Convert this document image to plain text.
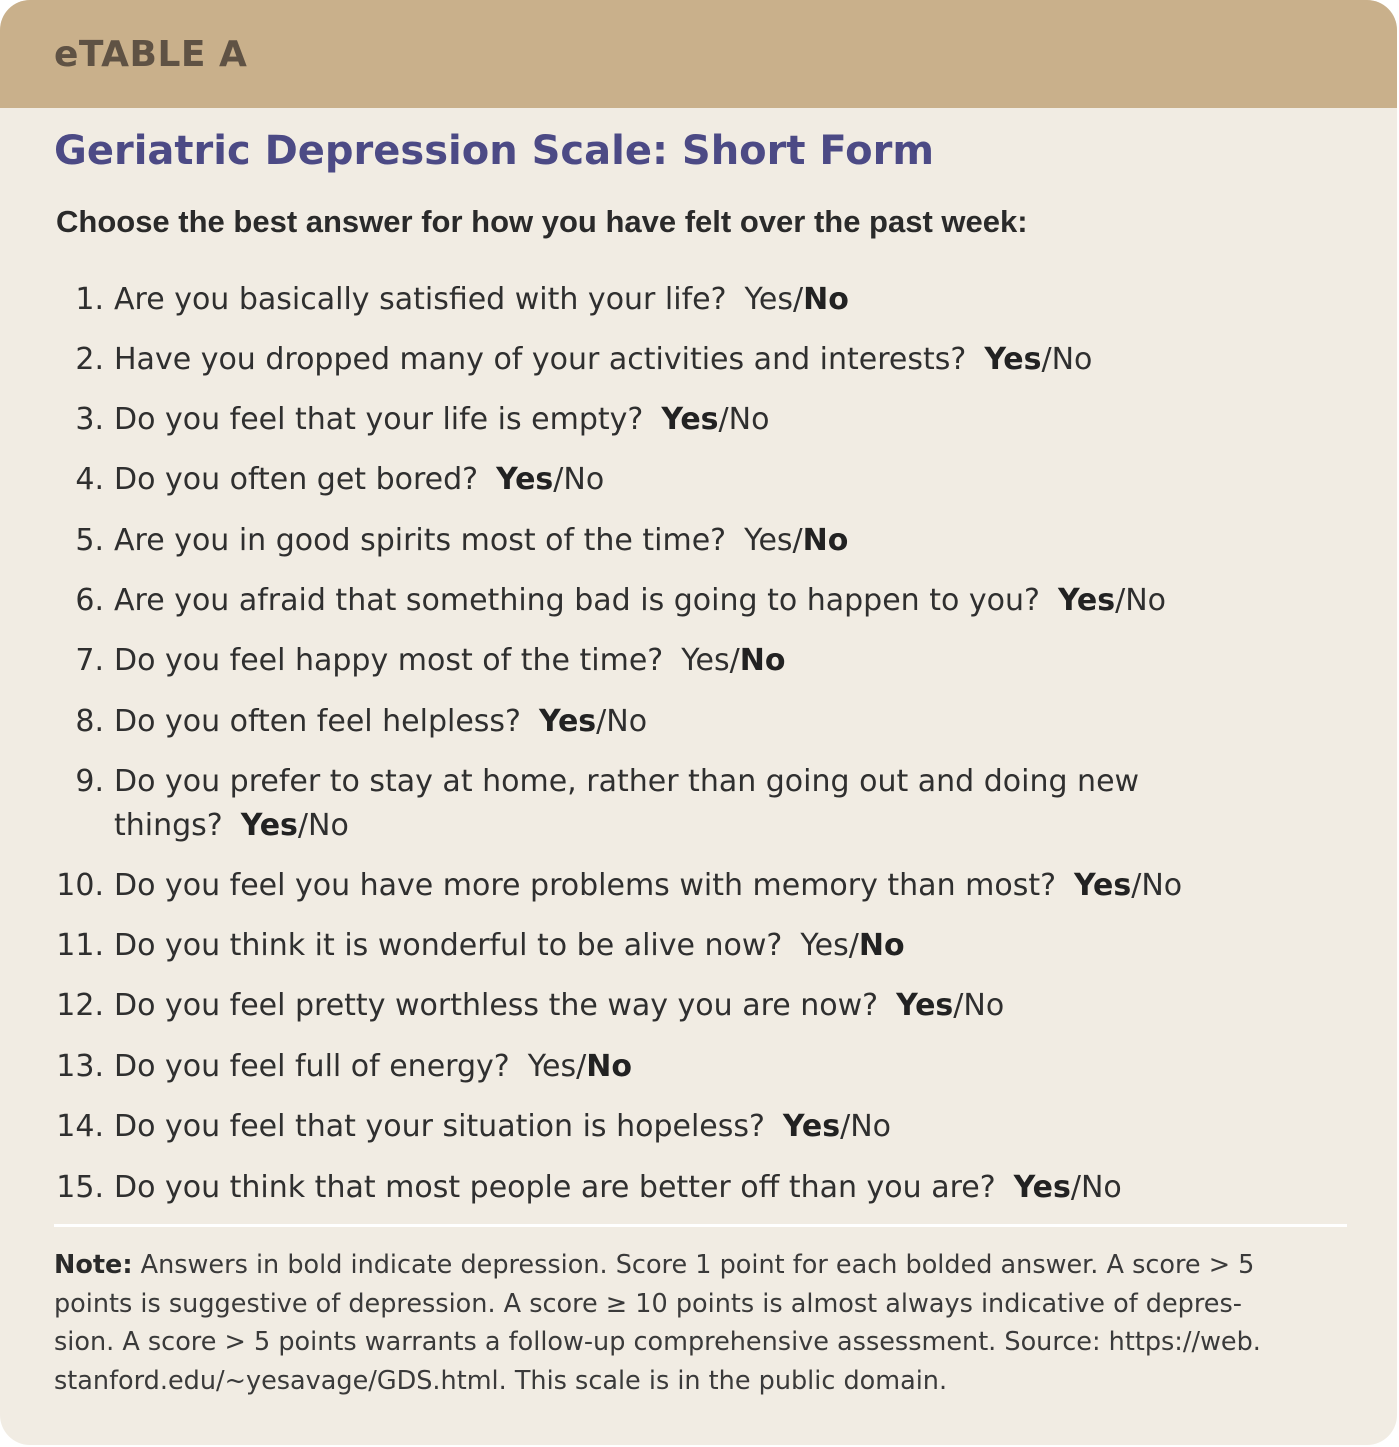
eTABLE A
Geriatric Depression Scale: Short Form
Choose the best answer for how you have felt over the past week:
1. Are you basically satisfied with your life? Yes/No
2. Have you dropped many of your activities and interests? Yes/No
3. Do you feel that your life is empty? Yes/No
4. Do you often get bored? Yes/No
5. Are you in good spirits most of the time? Yes/No
6. Are you afraid that something bad is going to happen to you? Yes/No
7. Do you feel happy most of the time? Yes/No
8. Do you often feel helpless? Yes/No
9. Do you prefer to stay at home, rather than going out and doing new things? Yes/No
10. Do you feel you have more problems with memory than most? Yes/No
11. Do you think it is wonderful to be alive now? Yes/No
12. Do you feel pretty worthless the way you are now? Yes/No
13. Do you feel full of energy? Yes/No
14. Do you feel that your situation is hopeless? Yes/No
15. Do you think that most people are better off than you are? Yes/No
Note: Answers in bold indicate depression. Score 1 point for each bolded answer. A score > 5
points is suggestive of depression. A score ≥ 10 points is almost always indicative of depres-
sion. A score > 5 points warrants a follow-up comprehensive assessment. Source: https://web.
stanford.edu/~yesavage/GDS.html. This scale is in the public domain.
